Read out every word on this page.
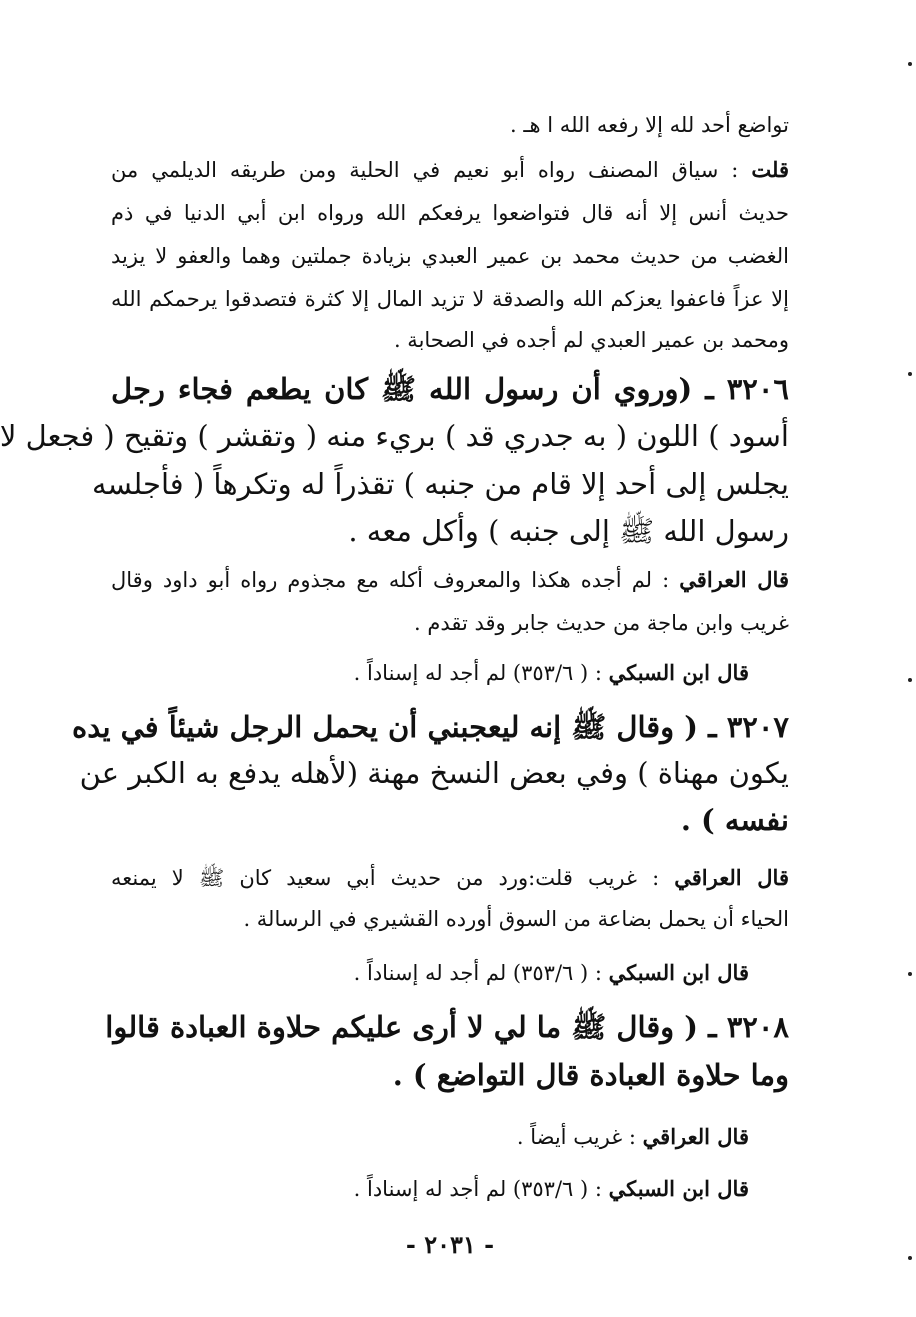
تواضع أحد لله إلا رفعه الله ا هـ .
قلت : سياق المصنف رواه أبو نعيم في الحلية ومن طريقه الديلمي من
حديث أنس إلا أنه قال فتواضعوا يرفعكم الله ورواه ابن أبي الدنيا في ذم
الغضب من حديث محمد بن عمير العبدي بزيادة جملتين وهما والعفو لا يزيد
إلا عزاً فاعفوا يعزكم الله والصدقة لا تزيد المال إلا كثرة فتصدقوا يرحمكم الله
ومحمد بن عمير العبدي لم أجده في الصحابة .
٣٢٠٦ ـ (وروي أن رسول الله ﷺ كان يطعم فجاء رجل
أسود ) اللون ( به جدري قد ) بريء منه ( وتقشر ) وتقيح ( فجعل لا
يجلس إلى أحد إلا قام من جنبه ) تقذراً له وتكرهاً ( فأجلسه
رسول الله ﷺ إلى جنبه ) وأكل معه .
قال العراقي : لم أجده هكذا والمعروف أكله مع مجذوم رواه أبو داود وقال
غريب وابن ماجة من حديث جابر وقد تقدم .
قال ابن السبكي : ( ٣٥٣/٦) لم أجد له إسناداً .
٣٢٠٧ ـ ( وقال ﷺ إنه ليعجبني أن يحمل الرجل شيئاً في يده
يكون مهناة ) وفي بعض النسخ مهنة (لأهله يدفع به الكبر عن
نفسه ) .
قال العراقي : غريب قلت:ورد من حديث أبي سعيد كان ﷺ لا يمنعه
الحياء أن يحمل بضاعة من السوق أورده القشيري في الرسالة .
قال ابن السبكي : ( ٣٥٣/٦) لم أجد له إسناداً .
٣٢٠٨ ـ ( وقال ﷺ ما لي لا أرى عليكم حلاوة العبادة قالوا
وما حلاوة العبادة قال التواضع ) .
قال العراقي : غريب أيضاً .
قال ابن السبكي : ( ٣٥٣/٦) لم أجد له إسناداً .
- ٢٠٣١ -
